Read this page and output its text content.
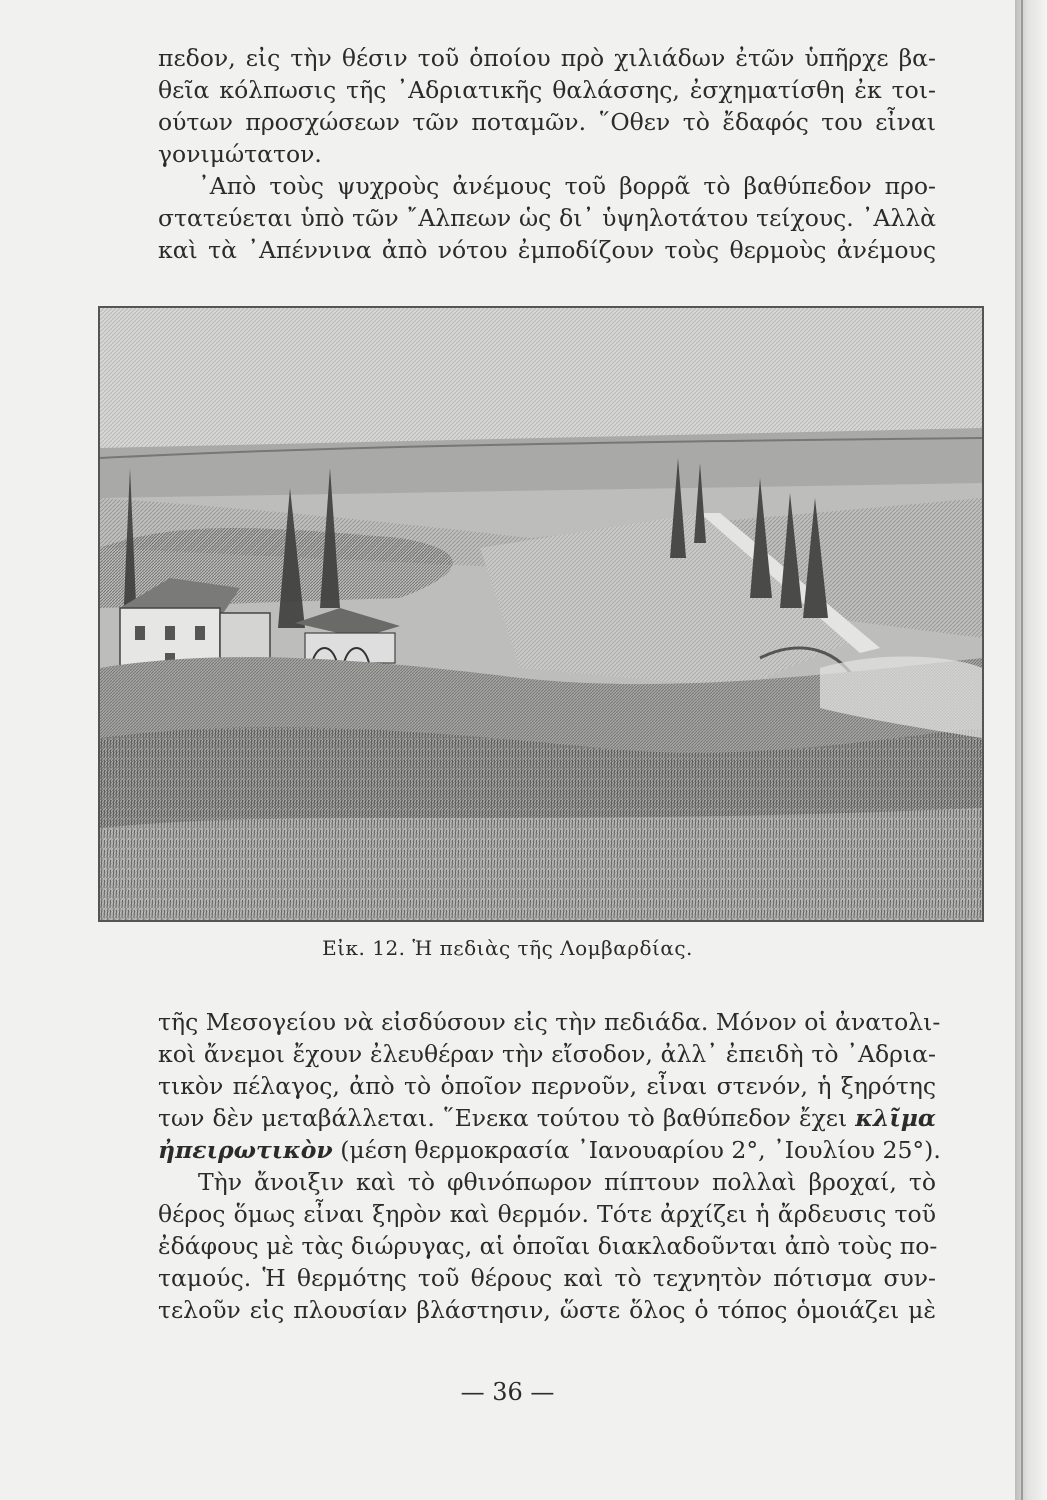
πεδον, εἰς τὴν θέσιν τοῦ ὁποίου πρὸ χιλιάδων ἐτῶν ὑπῆρχε βα-
θεῖα κόλπωσις τῆς ᾿Αδριατικῆς θαλάσσης, ἐσχηματίσθη ἐκ τοι-
ούτων προσχώσεων τῶν ποταμῶν. ῞Οθεν τὸ ἔδαφός του εἶναι
γονιμώτατον.
᾿Απὸ τοὺς ψυχροὺς ἀνέμους τοῦ βορρᾶ τὸ βαθύπεδον προ-
στατεύεται ὑπὸ τῶν ῎Αλπεων ὡς δι᾿ ὑψηλοτάτου τείχους. ᾿Αλλὰ
καὶ τὰ ᾿Απέννινα ἀπὸ νότου ἐμποδίζουν τοὺς θερμοὺς ἀνέμους
Εἰκ. 12. Ἡ πεδιὰς τῆς Λομβαρδίας.
τῆς Μεσογείου νὰ εἰσδύσουν εἰς τὴν πεδιάδα. Μόνον οἱ ἀνατολι-
κοὶ ἄνεμοι ἔχουν ἐλευθέραν τὴν εἴσοδον, ἀλλ᾿ ἐπειδὴ τὸ ᾿Αδρια-
τικὸν πέλαγος, ἀπὸ τὸ ὁποῖον περνοῦν, εἶναι στενόν, ἡ ξηρότης
των δὲν μεταβάλλεται. ῞Ενεκα τούτου τὸ βαθύπεδον ἔχει κλῖμα
ἠπειρωτικὸν (μέση θερμοκρασία ᾿Ιανουαρίου 2°, ᾿Ιουλίου 25°).
Τὴν ἄνοιξιν καὶ τὸ φθινόπωρον πίπτουν πολλαὶ βροχαί, τὸ
θέρος ὅμως εἶναι ξηρὸν καὶ θερμόν. Τότε ἀρχίζει ἡ ἄρδευσις τοῦ
ἐδάφους μὲ τὰς διώρυγας, αἱ ὁποῖαι διακλαδοῦνται ἀπὸ τοὺς πο-
ταμούς. Ἡ θερμότης τοῦ θέρους καὶ τὸ τεχνητὸν πότισμα συν-
τελοῦν εἰς πλουσίαν βλάστησιν, ὥστε ὅλος ὁ τόπος ὁμοιάζει μὲ
— 36 —
